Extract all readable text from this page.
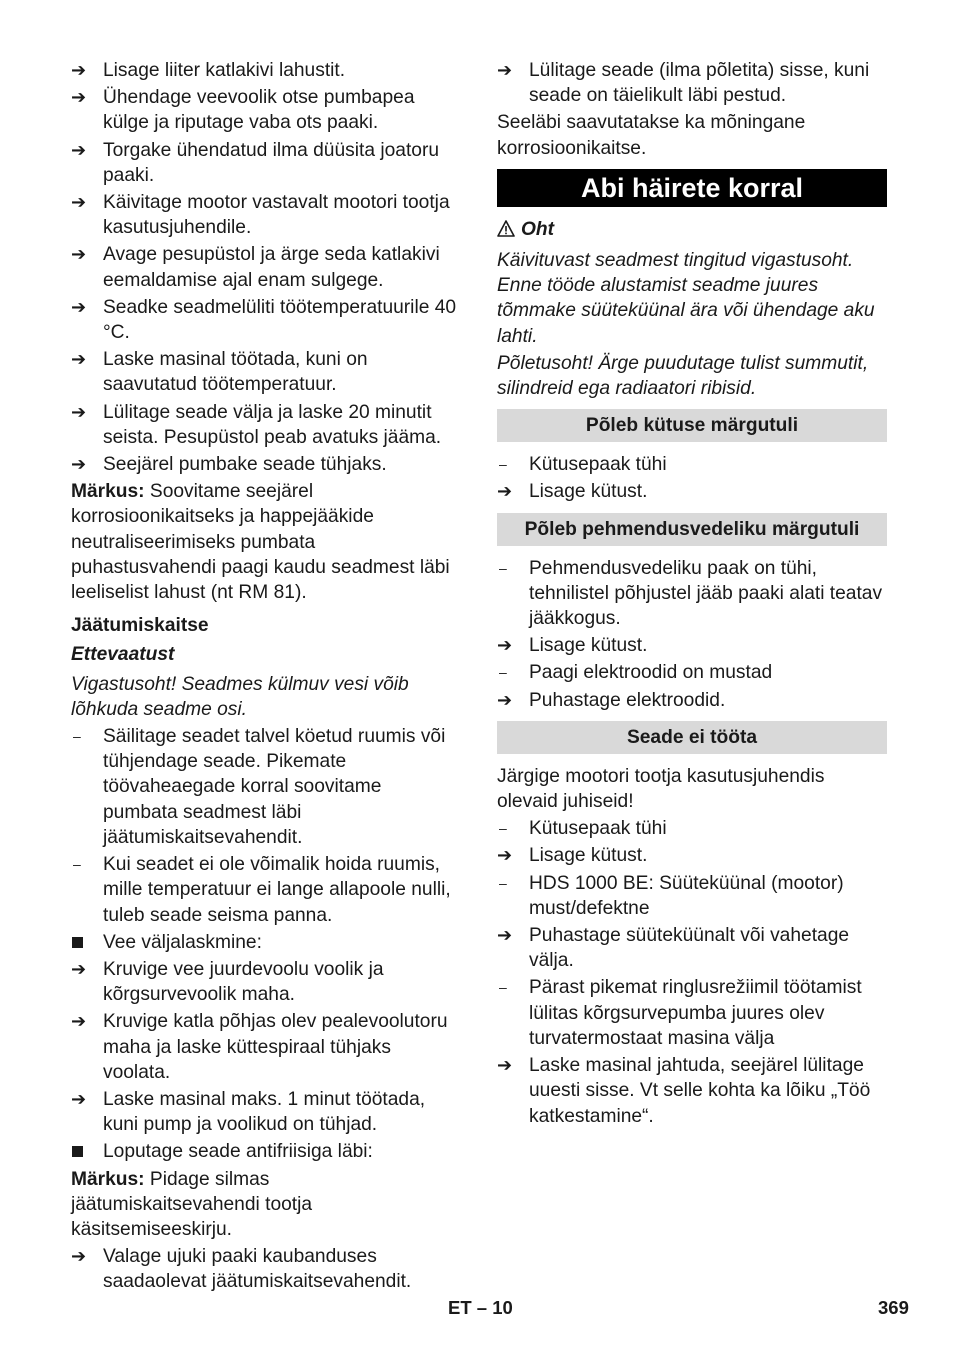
➔ Lisage liiter katlakivi lahustit.
➔ Ühendage veevoolik otse pumbapea külge ja riputage vaba ots paaki.
➔ Torgake ühendatud ilma düüsita joatoru paaki.
➔ Käivitage mootor vastavalt mootori tootja kasutusjuhendile.
➔ Avage pesupüstol ja ärge seda katlakivi eemaldamise ajal enam sulgege.
➔ Seadke seadmelüliti töötemperatuurile 40 °C.
➔ Laske masinal töötada, kuni on saavutatud töötemperatuur.
➔ Lülitage seade välja ja laske 20 minutit seista. Pesupüstol peab avatuks jääma.
➔ Seejärel pumbake seade tühjaks.
Märkus: Soovitame seejärel korrosioonikaitseks ja happejääkide neutraliseerimiseks pumbata puhastusvahendi paagi kaudu seadmest läbi leeliselist lahust (nt RM 81).
Jäätumiskaitse
Ettevaatust
Vigastusoht! Seadmes külmuv vesi võib lõhkuda seadme osi.
–	Säilitage seadet talvel köetud ruumis või tühjendage seade. Pikemate töövaheaegade korral soovitame pumbata seadmest läbi jäätumiskaitsevahendit.
–	Kui seadet ei ole võimalik hoida ruumis, mille temperatuur ei lange allapoole nulli, tuleb seade seisma panna.
Vee väljalaskmine:
➔ Kruvige vee juurdevoolu voolik ja kõrgsurvevoolik maha.
➔ Kruvige katla põhjas olev pealevoolutoru maha ja laske küttespiraal tühjaks voolata.
➔ Laske masinal maks. 1 minut töötada, kuni pump ja voolikud on tühjad.
Loputage seade antifriisiga läbi:
Märkus: Pidage silmas jäätumiskaitsevahendi tootja käsitsemiseeskirju.
➔ Valage ujuki paaki kaubanduses saadaolevat jäätumiskaitsevahendit.
➔ Lülitage seade (ilma põletita) sisse, kuni seade on täielikult läbi pestud.
Seeläbi saavutatakse ka mõningane korrosioonikaitse.
Abi häirete korral
Oht
Käivituvast seadmest tingitud vigastusoht. Enne tööde alustamist seadme juures tõmmake süüteküünal ära või ühendage aku lahti.
Põletusoht! Ärge puudutage tulist summutit, silindreid ega radiaatori ribisid.
Põleb kütuse märgutuli
–	Kütusepaak tühi
➔ Lisage kütust.
Põleb pehmendusvedeliku märgutuli
–	Pehmendusvedeliku paak on tühi, tehnilistel põhjustel jääb paaki alati teatav jääkkogus.
➔ Lisage kütust.
–	Paagi elektroodid on mustad
➔ Puhastage elektroodid.
Seade ei tööta
Järgige mootori tootja kasutusjuhendis olevaid juhiseid!
–	Kütusepaak tühi
➔ Lisage kütust.
–	HDS 1000 BE: Süüteküünal (mootor) must/defektne
➔ Puhastage süüteküünalt või vahetage välja.
–	Pärast pikemat ringlusrežiimil töötamist lülitas kõrgsurvepumba juures olev turvatermostaat masina välja
➔ Laske masinal jahtuda, seejärel lülitage uuesti sisse. Vt selle kohta ka lõiku „Töö katkestamine“.
ET – 10	369
